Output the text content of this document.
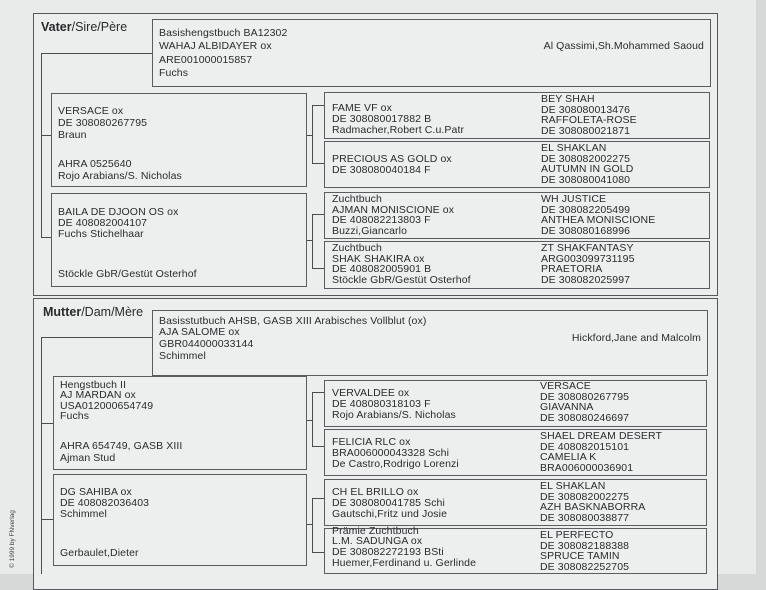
Vater/Sire/Père	Basishengstbuch BA12302
WAHAJ ALBIDAYER ox
ARE001000015857
Fuchs
Al Qassimi,Sh.Mohammed Saoud
VERSACE ox
DE 308080267795
Braun
AHRA 0525640
Rojo Arabians/S. Nicholas
BAILA DE DJOON OS ox
DE 408082004107
Fuchs Stichelhaar
Stöckle GbR/Gestüt Osterhof
FAME VF ox
DE 308080017882 B
Radmacher,Robert C.u.Patr
BEY SHAH
DE 308080013476
RAFFOLETA-ROSE
DE 308080021871
PRECIOUS AS GOLD ox
DE 308080040184 F
EL SHAKLAN
DE 308082002275
AUTUMN IN GOLD
DE 308080041080
Zuchtbuch
AJMAN MONISCIONE ox
DE 408082213803 F
Buzzi,Giancarlo
WH JUSTICE
DE 308082205499
ANTHEA MONISCIONE
DE 308080168996
Zuchtbuch
SHAK SHAKIRA ox
DE 408082005901 B
Stöckle GbR/Gestüt Osterhof
ZT SHAKFANTASY
ARG003099731195
PRAETORIA
DE 308082025997
Mutter/Dam/Mère
Basisstutbuch AHSB, GASB XIII Arabisches Vollblut (ox)
AJA SALOME ox
GBR044000033144
Schimmel
Hickford,Jane and Malcolm
Hengstbuch II
AJ MARDAN ox
USA012000654749
Fuchs
AHRA 654749, GASB XIII
Ajman Stud
DG SAHIBA ox
DE 408082036403
Schimmel
Gerbaulet,Dieter
VERVALDEE ox
DE 408080318103 F
Rojo Arabians/S. Nicholas
VERSACE
DE 308080267795
GIAVANNA
DE 308080246697
FELICIA RLC ox
BRA006000043328 Schi
De Castro,Rodrigo Lorenzi
SHAEL DREAM DESERT
DE 408082015101
CAMELIA K
BRA006000036901
CH EL BRILLO ox
DE 308080041785 Schi
Gautschi,Fritz und Josie
EL SHAKLAN
DE 308082002275
AZH BASKNABORRA
DE 308080038877
Prämie Zuchtbuch
L.M. SADUNGA ox
DE 308082272193 BSti
Huemer,Ferdinand u. Gerlinde
EL PERFECTO
DE 308082188388
SPRUCE TAMIN
DE 308082252705
© 1999 by FNverlag
